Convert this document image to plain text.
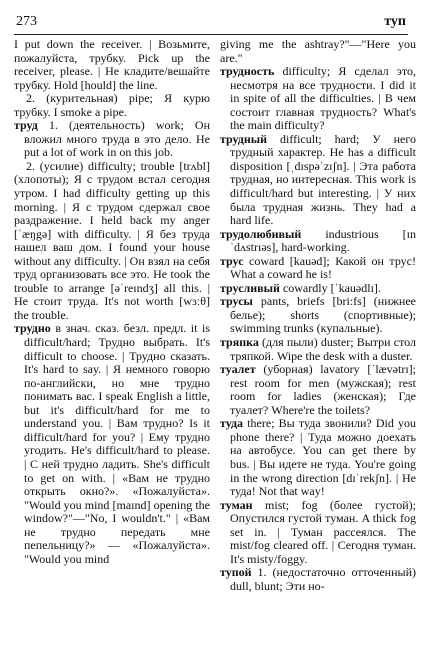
273	туп

I put down the receiver. | Возьмите, пожалуйста, трубку. Pick up the receiver, please. | Не кладите/вешайте трубку. Hold [hould] the line.

2. (курительная) pipe; Я курю трубку. I smoke a pipe.

труд 1. (деятельность) work; Он вложил много труда в это дело. He put a lot of work in on this job.

2. (усилие) difficulty; trouble [trʌbl] (хлопоты); Я с трудом встал сегодня утром. I had difficulty getting up this morning. | Я с трудом сдержал свое раздражение. I held back my anger [ˈæŋgə] with difficulty. | Я без труда нашел ваш дом. I found your house without any difficulty. | Он взял на себя труд организовать все это. He took the trouble to arrange [əˈreɪndʒ] all this. | Не стоит труда. It's not worth [wɜːθ] the trouble.

трудно в знач. сказ. безл. предл. it is difficult/hard; Трудно выбрать. It's difficult to choose. | Трудно сказать. It's hard to say. | Я немного говорю по-английски, но мне трудно понимать вас. I speak English a little, but it's difficult/hard for me to understand you. | Вам трудно? Is it difficult/hard for you? | Ему трудно угодить. He's difficult/hard to please. | С ней трудно ладить. She's difficult to get on with. | «Вам не трудно открыть окно?». «Пожалуйста». "Would you mind [maɪnd] opening the window?"—"No, I wouldn't." | «Вам не трудно передать мне пепельницу?» — «Пожалуйста». "Would you mind

giving me the ashtray?"—"Here you are."

трудность difficulty; Я сделал это, несмотря на все трудности. I did it in spite of all the difficulties. | В чем состоит главная трудность? What's the main difficulty?

трудный difficult; hard; У него трудный характер. He has a difficult disposition [ˌdɪspəˈzɪʃn]. | Эта работа трудная, но интересная. This work is difficult/hard but interesting. | У них была трудная жизнь. They had a hard life.

трудолюбивый industrious [ɪnˈdʌstrɪəs], hard-working.

трус coward [kauəd]; Какой он трус! What a coward he is!

трусливый cowardly [ˈkauədlɪ].

трусы pants, briefs [bri:fs] (нижнее белье); shorts (спортивные); swimming trunks (купальные).

тряпка (для пыли) duster; Вытри стол тряпкой. Wipe the desk with a duster.

туалет (уборная) lavatory [ˈlævətrɪ]; rest room for men (мужская); rest room for ladies (женская); Где туалет? Where're the toilets?

туда there; Вы туда звонили? Did you phone there? | Туда можно доехать на автобусе. You can get there by bus. | Вы идете не туда. You're going in the wrong direction [dɪˈrekʃn]. | Не туда! Not that way!

туман mist; fog (более густой); Опустился густой туман. A thick fog set in. | Туман рассеялся. The mist/fog cleared off. | Сегодня туман. It's misty/foggy.

тупой 1. (недостаточно отточенный) dull, blunt; Эти но-
